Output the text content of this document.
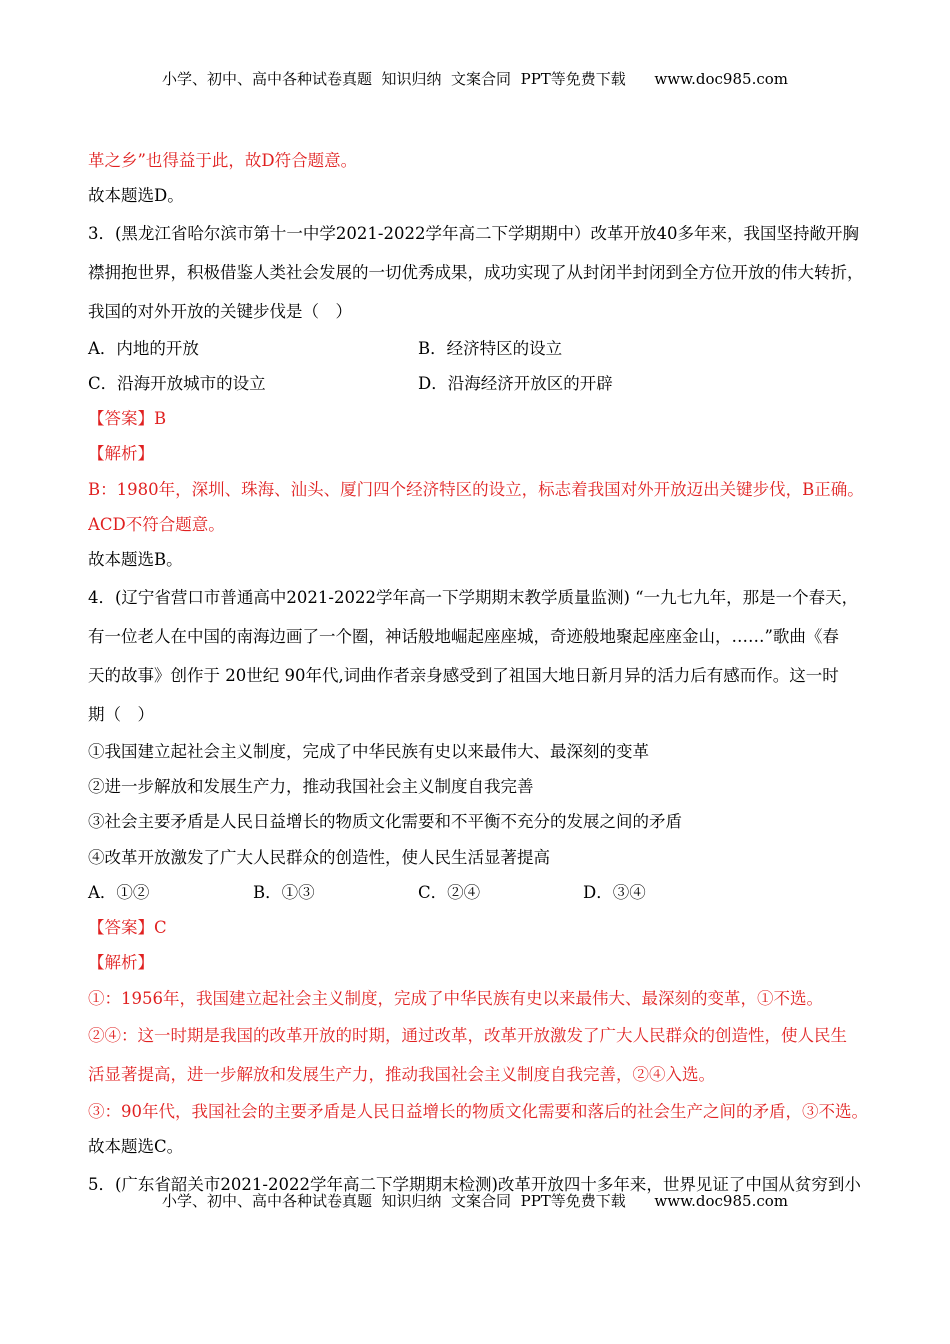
小学、初中、高中各种试卷真题  知识归纳  文案合同  PPT等免费下载      www.doc985.com
革之乡”也得益于此，故D符合题意。
故本题选D。
3．(黑龙江省哈尔滨市第十一中学2021-2022学年高二下学期期中）改革开放40多年来，我国坚持敞开胸
襟拥抱世界，积极借鉴人类社会发展的一切优秀成果，成功实现了从封闭半封闭到全方位开放的伟大转折，
我国的对外开放的关键步伐是（　）
A．内地的开放	B．经济特区的设立
C．沿海开放城市的设立	D．沿海经济开放区的开辟
【答案】B
【解析】
B：1980年，深圳、珠海、汕头、厦门四个经济特区的设立，标志着我国对外开放迈出关键步伐，B正确。
ACD不符合题意。
故本题选B。
4．(辽宁省营口市普通高中2021-2022学年高一下学期期末教学质量监测) “一九七九年，那是一个春天，
有一位老人在中国的南海边画了一个圈，神话般地崛起座座城，奇迹般地聚起座座金山，……”歌曲《春
天的故事》创作于 20世纪 90年代,词曲作者亲身感受到了祖国大地日新月异的活力后有感而作。这一时
期（　）
①我国建立起社会主义制度，完成了中华民族有史以来最伟大、最深刻的变革
②进一步解放和发展生产力，推动我国社会主义制度自我完善
③社会主要矛盾是人民日益增长的物质文化需要和不平衡不充分的发展之间的矛盾
④改革开放激发了广大人民群众的创造性，使人民生活显著提高
A．①②	B．①③	C．②④	D．③④
【答案】C
【解析】
①：1956年，我国建立起社会主义制度，完成了中华民族有史以来最伟大、最深刻的变革，①不选。
②④：这一时期是我国的改革开放的时期，通过改革，改革开放激发了广大人民群众的创造性，使人民生
活显著提高，进一步解放和发展生产力，推动我国社会主义制度自我完善，②④入选。
③：90年代，我国社会的主要矛盾是人民日益增长的物质文化需要和落后的社会生产之间的矛盾，③不选。
故本题选C。
5．(广东省韶关市2021-2022学年高二下学期期末检测)改革开放四十多年来，世界见证了中国从贫穷到小
小学、初中、高中各种试卷真题  知识归纳  文案合同  PPT等免费下载      www.doc985.com
